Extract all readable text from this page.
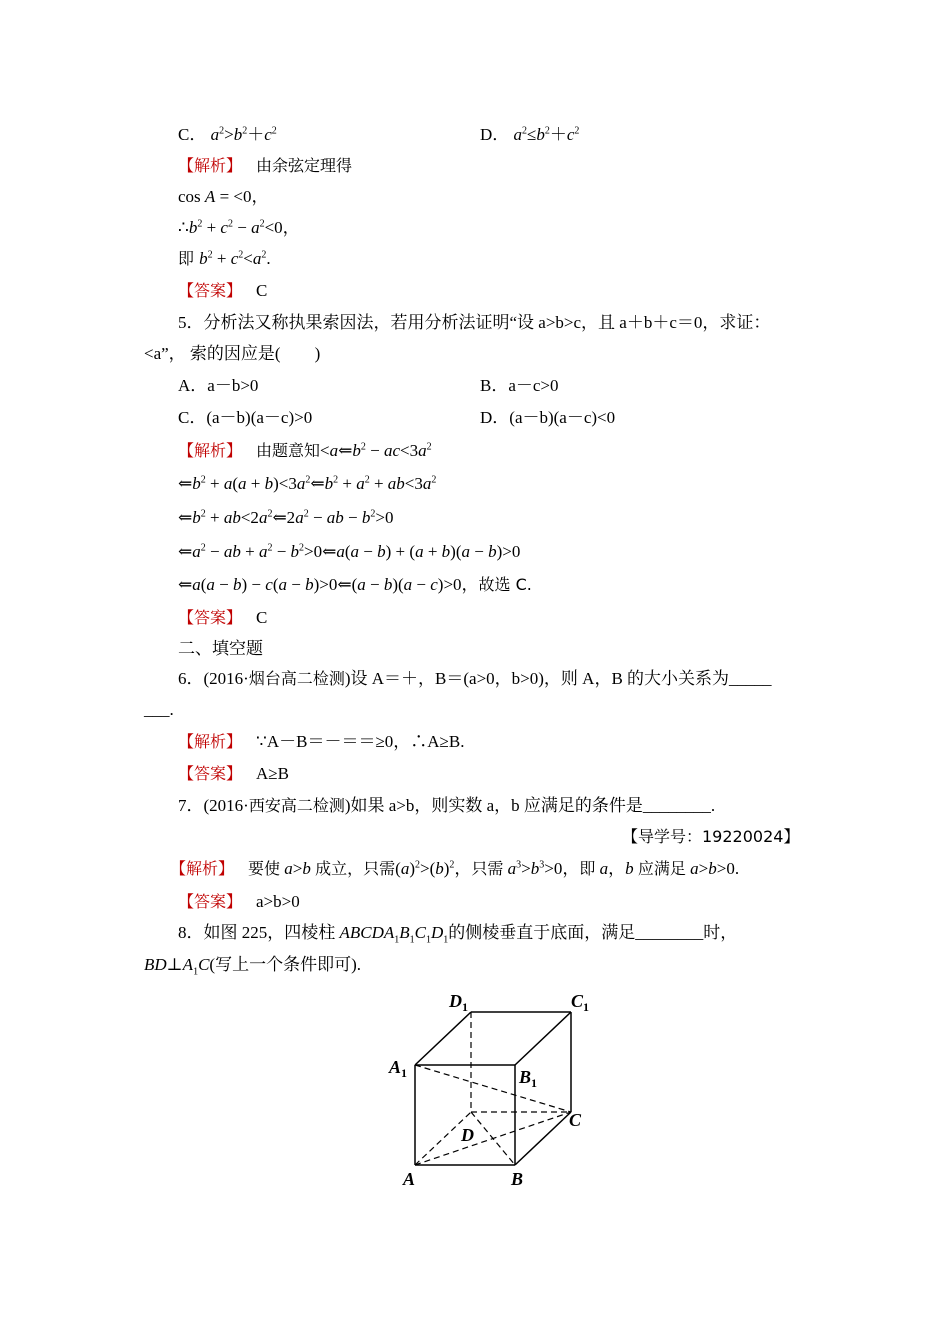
C． $a^2>b^2+c^2$	D． $a^2\le b^2+c^2$
【解析】 由余弦定理得
cos A = <0，
$\therefore b^2 + c^2 - a^2<0$，
即 $b^2 + c^2<a^2$.
【答案】 C
5．分析法又称执果索因法，若用分析法证明“设 a>b>c，且 a＋b＋c＝0，求证：
<a”， 索的因应是(　　)
A．a－b>0	B．a－c>0
C．(a－b)(a－c)>0	D．(a－b)(a－c)<0
【解析】 由题意知$<a⇐b^2 - ac<3a^2$
$⇐b^2 + a(a$ + $b)<3a^2⇐b^2 + a^2 + ab<3a^2$
$⇐b^2$ + $ab<2a^2⇐2a^2$ − ab − $b^2>0$
$⇐a^2$ − ab + $a^2$ − $b^2>0⇐a(a - b) + (a + b)(a - b)>0$
⇐a(a − b) − c(a − b)>0⇐(a − b)(a − c)>0，故选 C.
【答案】 C
二、填空题
6．(2016·烟台高二检测)设 A＝＋，B＝(a>0，b>0)，则 A，B 的大小关系为_____
___.
【解析】 ∵A－B＝－＝＝≥0，∴A≥B.
【答案】 A≥B
7．(2016·西安高二检测)如果 a>b，则实数 a，b 应满足的条件是________.
【导学号：19220024】
【解析】 要使 a>b 成立，只需$(a)^2>(b)^2$，只需 $a^3>b^3>0$，即 a，b 应满足 a>b>0.
【答案】 a>b>0
8．如图 225，四棱柱 $ABCDA_1B_1C_1D_1$的侧棱垂直于底面，满足________时，
$BD\perp A_1C$(写上一个条件即可).
$D_1$	$C_1$
$A_1$	$B_1$
D
C
A	B
